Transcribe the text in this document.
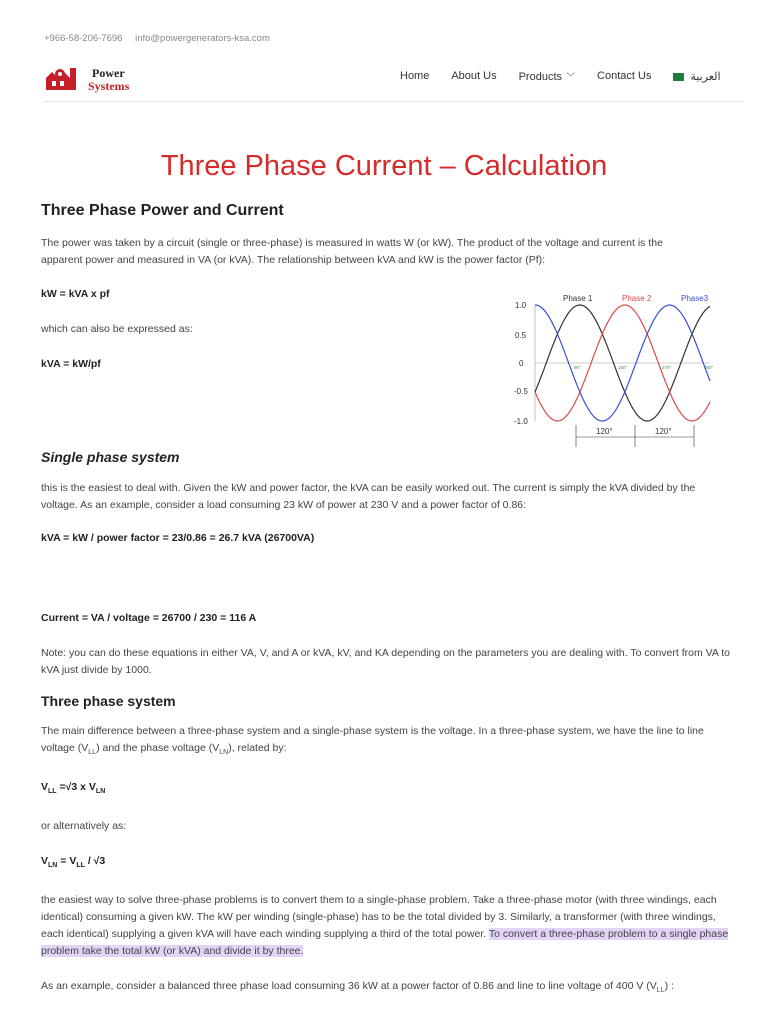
+966-58-206-7696 info@powergenerators-ksa.com
Power
Systems
Home About Us Products ﹀ Contact Us	العربية
Three Phase Current – Calculation
Phase 1	Phase 2	Phase3
1.0
0.5
0
-0.5
-1.0
90°	180°	270°	360°
120°	120°
Three Phase Power and Current

The power was taken by a circuit (single or three-phase) is measured in watts W (or kW). The product of the voltage and current is the apparent power and measured in VA (or kVA). The relationship between kVA and kW is the power factor (Pf):

kW = kVA x pf

which can also be expressed as:

kVA = kW/pf

Single phase system

this is the easiest to deal with. Given the kW and power factor, the kVA can be easily worked out. The current is simply the kVA divided by the voltage. As an example, consider a load consuming 23 kW of power at 230 V and a power factor of 0.86:

kVA = kW / power factor = 23/0.86 = 26.7 kVA (26700VA)

Current = VA / voltage = 26700 / 230 = 116 A

Note: you can do these equations in either VA, V, and A or kVA, kV, and KA depending on the parameters you are dealing with. To convert from VA to kVA just divide by 1000.

Three phase system

The main difference between a three-phase system and a single-phase system is the voltage. In a three-phase system, we have the line to line voltage $(V_{LL})$ and the phase voltage $(V_{LN})$, related by:

$V_{LL} =√3$ x $V_{LN}$

or alternatively as:

$V_{LN} = V_{LL} / √3$

the easiest way to solve three-phase problems is to convert them to a single-phase problem. Take a three-phase motor (with three windings, each identical) consuming a given kW. The kW per winding (single-phase) has to be the total divided by 3. Similarly, a transformer (with three windings, each identical) supplying a given kVA will have each winding supplying a third of the total power. To convert a three-phase problem to a single phase problem take the total kW (or kVA) and divide it by three.

As an example, consider a balanced three phase load consuming 36 kW at a power factor of 0.86 and line to line voltage of 400 V $(V_{LL})$ :
